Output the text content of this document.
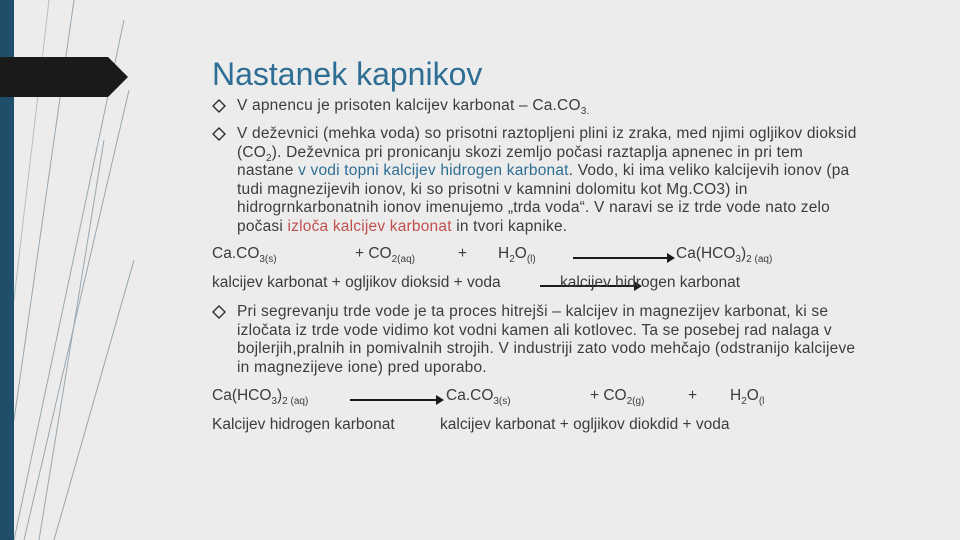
Nastanek kapnikov
V apnencu je prisoten kalcijev karbonat – $Ca.CO_{3.}$
V deževnici (mehka voda) so prisotni raztopljeni plini iz zraka, med njimi ogljikov dioksid
$(CO_2)$. Deževnica pri pronicanju skozi zemljo počasi raztaplja apnenec in pri tem
nastane v vodi topni kalcijev hidrogen karbonat. Vodo, ki ima veliko kalcijevih ionov (pa
tudi magnezijevih ionov, ki so prisotni v kamnini dolomitu kot Mg.CO3) in
hidrogrnkarbonatnih ionov imenujemo „trda voda“. V naravi se iz trde vode nato zelo
počasi izloča kalcijev karbonat in tvori kapnike.
$Ca.CO_{3(s)}$	+ $CO_{2(aq)}$	+ $H_2O_{(l)}$	$Ca(HCO_3)_{2 (aq)}$
kalcijev karbonat + ogljikov dioksid + voda	kalcijev hidrogen karbonat
Pri segrevanju trde vode je ta proces hitrejši – kalcijev in magnezijev karbonat, ki se
izločata iz trde vode vidimo kot vodni kamen ali kotlovec. Ta se posebej rad nalaga v
bojlerjih,pralnih in pomivalnih strojih. V industriji zato vodo mehčajo (odstranijo kalcijeve
in magnezijeve ione) pred uporabo.
$Ca(HCO_3)_{2 (aq)}$	$Ca.CO_{3(s)}$	+ $CO_{2(g)}$	+ $H_2O_{(l}$
Kalcijev hidrogen karbonat	kalcijev karbonat + ogljikov diokdid + voda
